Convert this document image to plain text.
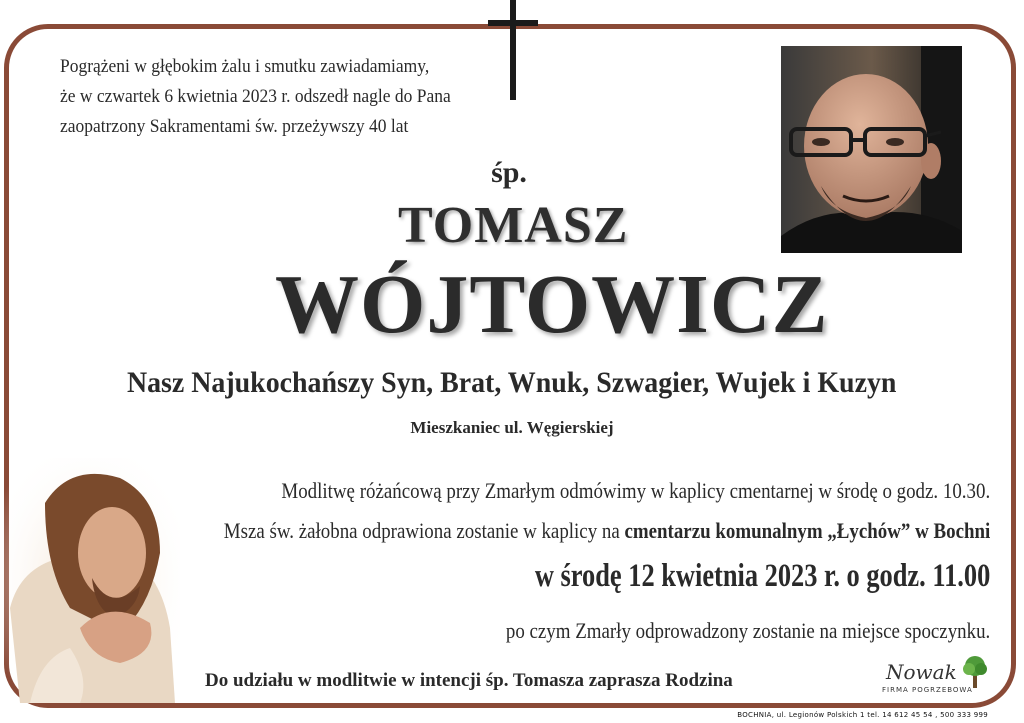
Pogrążeni w głębokim żalu i smutku zawiadamiamy,
że w czwartek 6 kwietnia 2023 r. odszedł nagle do Pana
zaopatrzony Sakramentami św. przeżywszy 40 lat
śp.
TOMASZ
WÓJTOWICZ
Nasz Najukochańszy Syn, Brat, Wnuk, Szwagier, Wujek i Kuzyn
Mieszkaniec ul. Węgierskiej
Modlitwę różańcową przy Zmarłym odmówimy w kaplicy cmentarnej w środę o godz. 10.30.
Msza św. żałobna odprawiona zostanie w kaplicy na cmentarzu komunalnym „Łychów” w Bochni
w środę 12 kwietnia 2023 r. o godz. 11.00
po czym Zmarły odprowadzony zostanie na miejsce spoczynku.
Do udziału w modlitwie w intencji śp. Tomasza zaprasza Rodzina	Nowak
FIRMA POGRZEBOWA
BOCHNIA, ul. Legionów Polskich 1 tel. 14 612 45 54 , 500 333 999
